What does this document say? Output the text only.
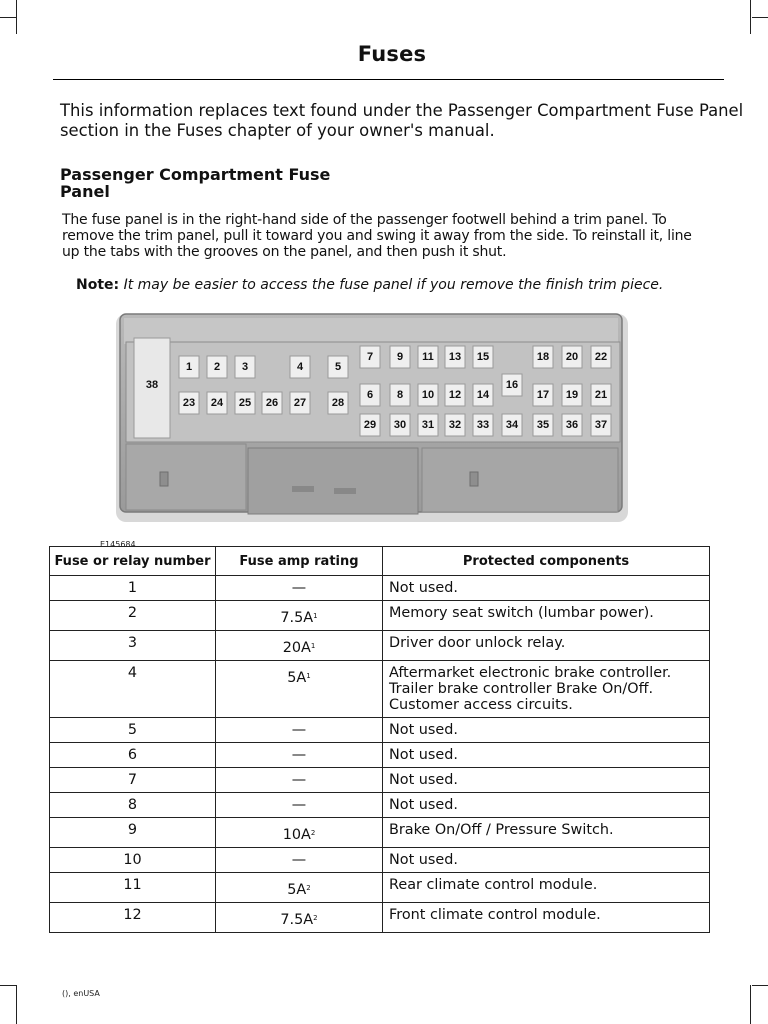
Fuses
This information replaces text found under the Passenger Compartment Fuse Panel section in the Fuses chapter of your owner's manual.
Passenger Compartment Fuse Panel
The fuse panel is in the right-hand side of the passenger footwell behind a trim panel. To remove the trim panel, pull it toward you and swing it away from the side. To reinstall it, line up the tabs with the grooves on the panel, and then push it shut.
Note: It may be easier to access the fuse panel if you remove the finish trim piece.
1 2 3	4	5
6
7
8
9
10
11
12
13
14
15
16
17
18
19
20
21
22
23 24 25 26 27 28
29 30 31 32 33 34 35 36 37
38
E145684
Fuse or relay number	Fuse amp rating	Protected components
1	—	Not used.

2	$7.5A^1$	Memory seat switch (lumbar power).

3	$20A^1$	Driver door unlock relay.

4	$5A^1$	Aftermarket electronic brake controller.
Trailer brake controller Brake On/Off.
Customer access circuits.

5	—	Not used.

6	—	Not used.

7	—	Not used.

8	—	Not used.

9	$10A^2$	Brake On/Off / Pressure Switch.

10	—	Not used.

11	$5A^2$	Rear climate control module.

12	$7.5A^2$	Front climate control module.
(), enUSA
